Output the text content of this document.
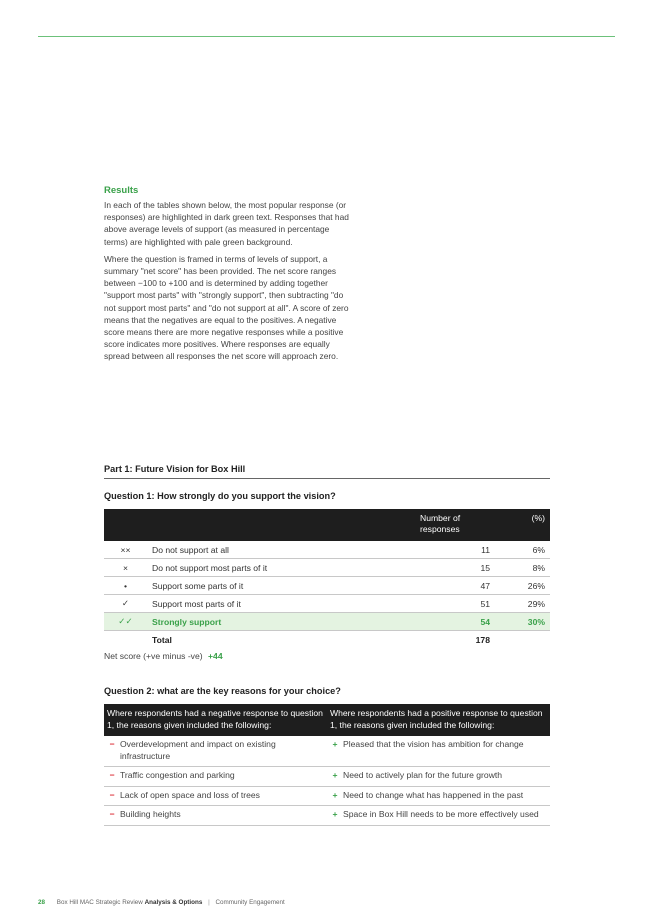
Results

In each of the tables shown below, the most popular response (or responses) are highlighted in dark green text. Responses that had above average levels of support (as measured in percentage terms) are highlighted with pale green background.

Where the question is framed in terms of levels of support, a summary "net score" has been provided. The net score ranges between −100 to +100 and is determined by adding together "support most parts" with "strongly support", then subtracting "do not support most parts" and "do not support at all". A score of zero means that the negatives are equal to the positives. A negative score means there are more negative responses while a positive score indicates more positives. Where responses are equally spread between all responses the net score will approach zero.

Part 1: Future Vision for Box Hill
Question 1: How strongly do you support the vision?
		Number of responses	(%)
××	Do not support at all	11	6%
×	Do not support most parts of it	15	8%
•	Support some parts of it	47	26%
✓	Support most parts of it	51	29%
✓✓	Strongly support	54	30%
	Total	178	
Net score (+ve minus -ve) +44
Question 2: what are the key reasons for your choice?
Where respondents had a negative response to question 1, the reasons given included the following:	Where respondents had a positive response to question 1, the reasons given included the following:
− Overdevelopment and impact on existing infrastructure	+ Pleased that the vision has ambition for change
− Traffic congestion and parking	+ Need to actively plan for the future growth
− Lack of open space and loss of trees	+ Need to change what has happened in the past
− Building heights	+ Space in Box Hill needs to be more effectively used
28 Box Hill MAC Strategic Review Analysis & Options | Community Engagement
